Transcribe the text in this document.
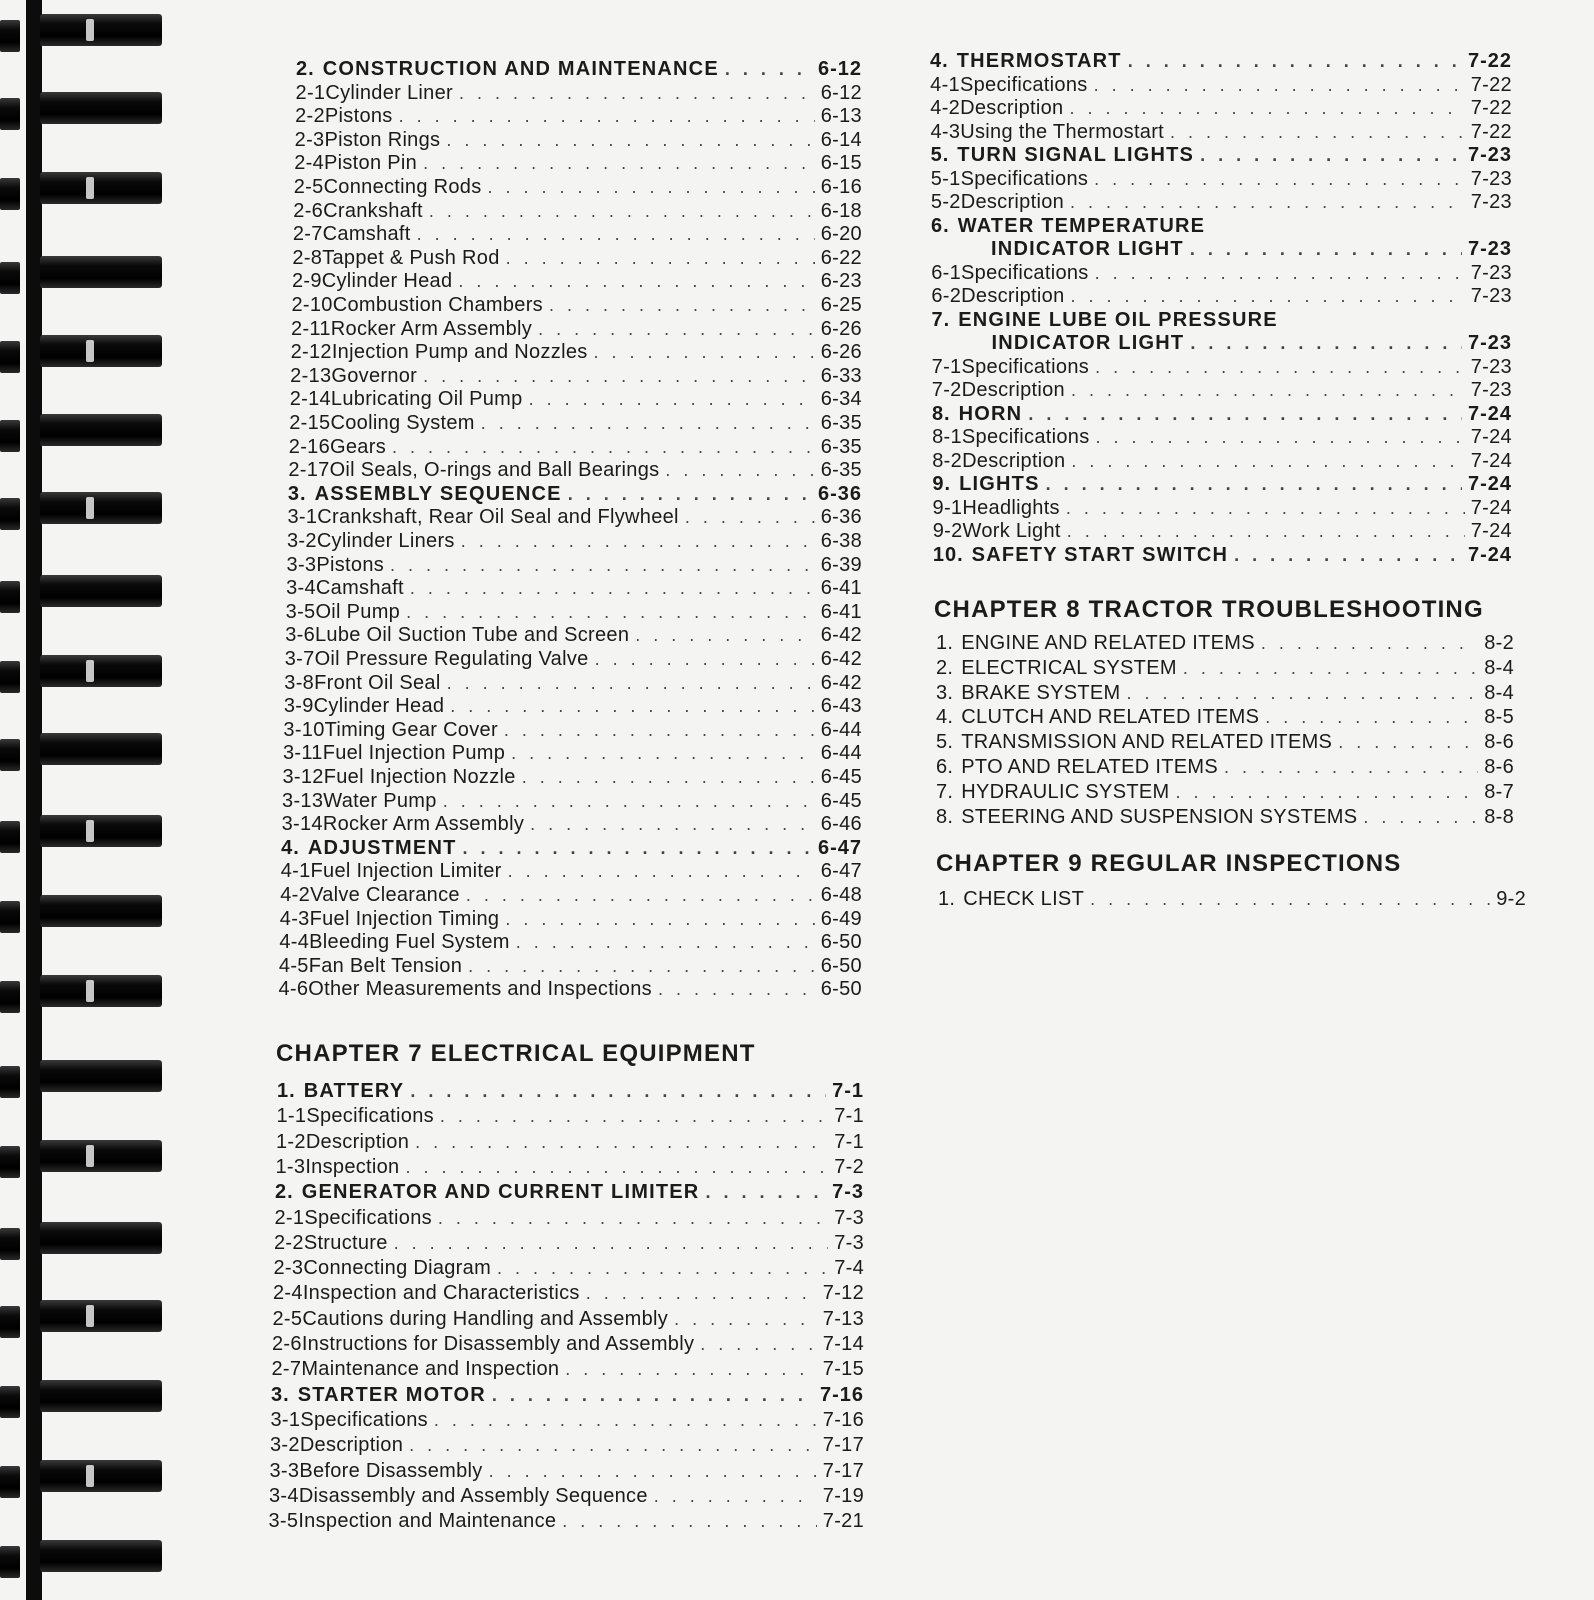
2. CONSTRUCTION AND MAINTENANCE . . .	6-12
2-1 Cylinder Liner . . .	6-12
2-2 Pistons . . .	6-13
2-3 Piston Rings . . .	6-14
2-4 Piston Pin . . .	6-15
2-5 Connecting Rods . . .	6-16
2-6 Crankshaft . . .	6-18
2-7 Camshaft . . .	6-20
2-8 Tappet & Push Rod . . .	6-22
2-9 Cylinder Head . . .	6-23
2-10 Combustion Chambers . . .	6-25
2-11 Rocker Arm Assembly . . .	6-26
2-12 Injection Pump and Nozzles . . .	6-26
2-13 Governor . . .	6-33
2-14 Lubricating Oil Pump . . .	6-34
2-15 Cooling System . . .	6-35
2-16 Gears . . .	6-35
2-17 Oil Seals, O-rings and Ball Bearings . . .	6-35
3. ASSEMBLY SEQUENCE . . .	6-36
3-1 Crankshaft, Rear Oil Seal and Flywheel . . .	6-36
3-2 Cylinder Liners . . .	6-38
3-3 Pistons . . .	6-39
3-4 Camshaft . . .	6-41
3-5 Oil Pump . . .	6-41
3-6 Lube Oil Suction Tube and Screen . . .	6-42
3-7 Oil Pressure Regulating Valve . . .	6-42
3-8 Front Oil Seal . . .	6-42
3-9 Cylinder Head . . .	6-43
3-10 Timing Gear Cover . . .	6-44
3-11 Fuel Injection Pump . . .	6-44
3-12 Fuel Injection Nozzle . . .	6-45
3-13 Water Pump . . .	6-45
3-14 Rocker Arm Assembly . . .	6-46
4. ADJUSTMENT . . .	6-47
4-1 Fuel Injection Limiter . . .	6-47
4-2 Valve Clearance . . .	6-48
4-3 Fuel Injection Timing . . .	6-49
4-4 Bleeding Fuel System . . .	6-50
4-5 Fan Belt Tension . . .	6-50
4-6 Other Measurements and Inspections . . .	6-50
CHAPTER 7 ELECTRICAL EQUIPMENT
1. BATTERY . . .	7-1
1-1 Specifications . . .	7-1
1-2 Description . . .	7-1
1-3 Inspection . . .	7-2
2. GENERATOR AND CURRENT LIMITER . . .	7-3
2-1 Specifications . . .	7-3
2-2 Structure . . .	7-3
2-3 Connecting Diagram . . .	7-4
2-4 Inspection and Characteristics . . .	7-12
2-5 Cautions during Handling and Assembly . . .	7-13
2-6 Instructions for Disassembly and Assembly . . .	7-14
2-7 Maintenance and Inspection . . .	7-15
3. STARTER MOTOR . . .	7-16
3-1 Specifications . . .	7-16
3-2 Description . . .	7-17
3-3 Before Disassembly . . .	7-17
3-4 Disassembly and Assembly Sequence . . .	7-19
3-5 Inspection and Maintenance . . .	7-21
4. THERMOSTART . . .	7-22
4-1 Specifications . . .	7-22
4-2 Description . . .	7-22
4-3 Using the Thermostart . . .	7-22
5. TURN SIGNAL LIGHTS . . .	7-23
5-1 Specifications . . .	7-23
5-2 Description . . .	7-23
6. WATER TEMPERATURE
INDICATOR LIGHT . . .	7-23
6-1 Specifications . . .	7-23
6-2 Description . . .	7-23
7. ENGINE LUBE OIL PRESSURE
INDICATOR LIGHT . . .	7-23
7-1 Specifications . . .	7-23
7-2 Description . . .	7-23
8. HORN . . .	7-24
8-1 Specifications . . .	7-24
8-2 Description . . .	7-24
9. LIGHTS . . .	7-24
9-1 Headlights . . .	7-24
9-2 Work Light . . .	7-24
10. SAFETY START SWITCH . . .	7-24
CHAPTER 8 TRACTOR TROUBLESHOOTING
1. ENGINE AND RELATED ITEMS . . .	8-2
2. ELECTRICAL SYSTEM . . .	8-4
3. BRAKE SYSTEM . . .	8-4
4. CLUTCH AND RELATED ITEMS . . .	8-5
5. TRANSMISSION AND RELATED ITEMS . . .	8-6
6. PTO AND RELATED ITEMS . . .	8-6
7. HYDRAULIC SYSTEM . . .	8-7
8. STEERING AND SUSPENSION SYSTEMS . . .	8-8
CHAPTER 9 REGULAR INSPECTIONS
1. CHECK LIST . . .	9-2
